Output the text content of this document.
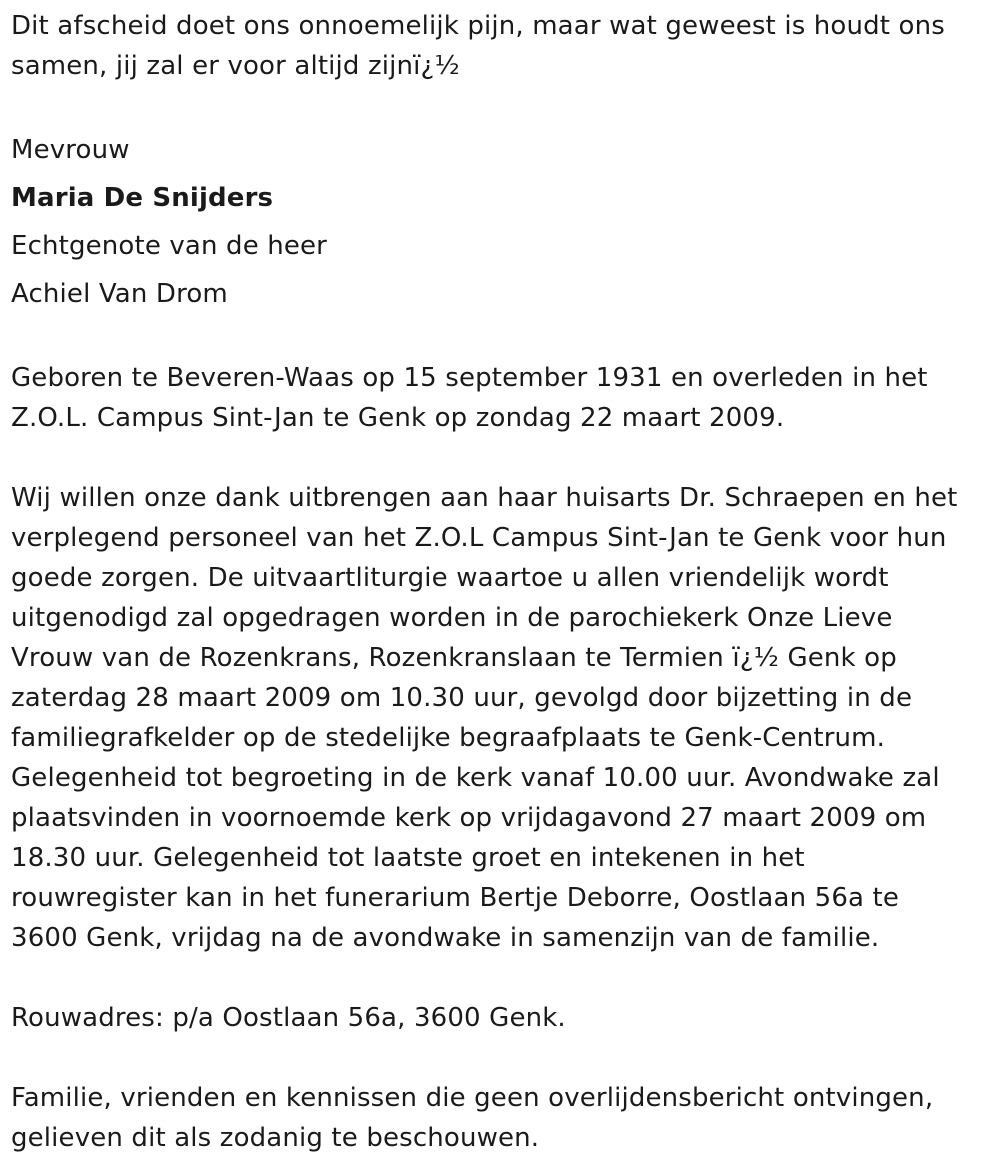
Dit afscheid doet ons onnoemelijk pijn, maar wat geweest is houdt ons
samen, jij zal er voor altijd zijnï¿½

Mevrouw
Maria De Snijders
Echtgenote van de heer
Achiel Van Drom

Geboren te Beveren-Waas op 15 september 1931 en overleden in het
Z.O.L. Campus Sint-Jan te Genk op zondag 22 maart 2009.

Wij willen onze dank uitbrengen aan haar huisarts Dr. Schraepen en het
verplegend personeel van het Z.O.L Campus Sint-Jan te Genk voor hun
goede zorgen. De uitvaartliturgie waartoe u allen vriendelijk wordt
uitgenodigd zal opgedragen worden in de parochiekerk Onze Lieve
Vrouw van de Rozenkrans, Rozenkranslaan te Termien ï¿½ Genk op
zaterdag 28 maart 2009 om 10.30 uur, gevolgd door bijzetting in de
familiegrafkelder op de stedelijke begraafplaats te Genk-Centrum.
Gelegenheid tot begroeting in de kerk vanaf 10.00 uur. Avondwake zal
plaatsvinden in voornoemde kerk op vrijdagavond 27 maart 2009 om
18.30 uur. Gelegenheid tot laatste groet en intekenen in het
rouwregister kan in het funerarium Bertje Deborre, Oostlaan 56a te
3600 Genk, vrijdag na de avondwake in samenzijn van de familie.

Rouwadres: p/a Oostlaan 56a, 3600 Genk.

Familie, vrienden en kennissen die geen overlijdensbericht ontvingen,
gelieven dit als zodanig te beschouwen.
